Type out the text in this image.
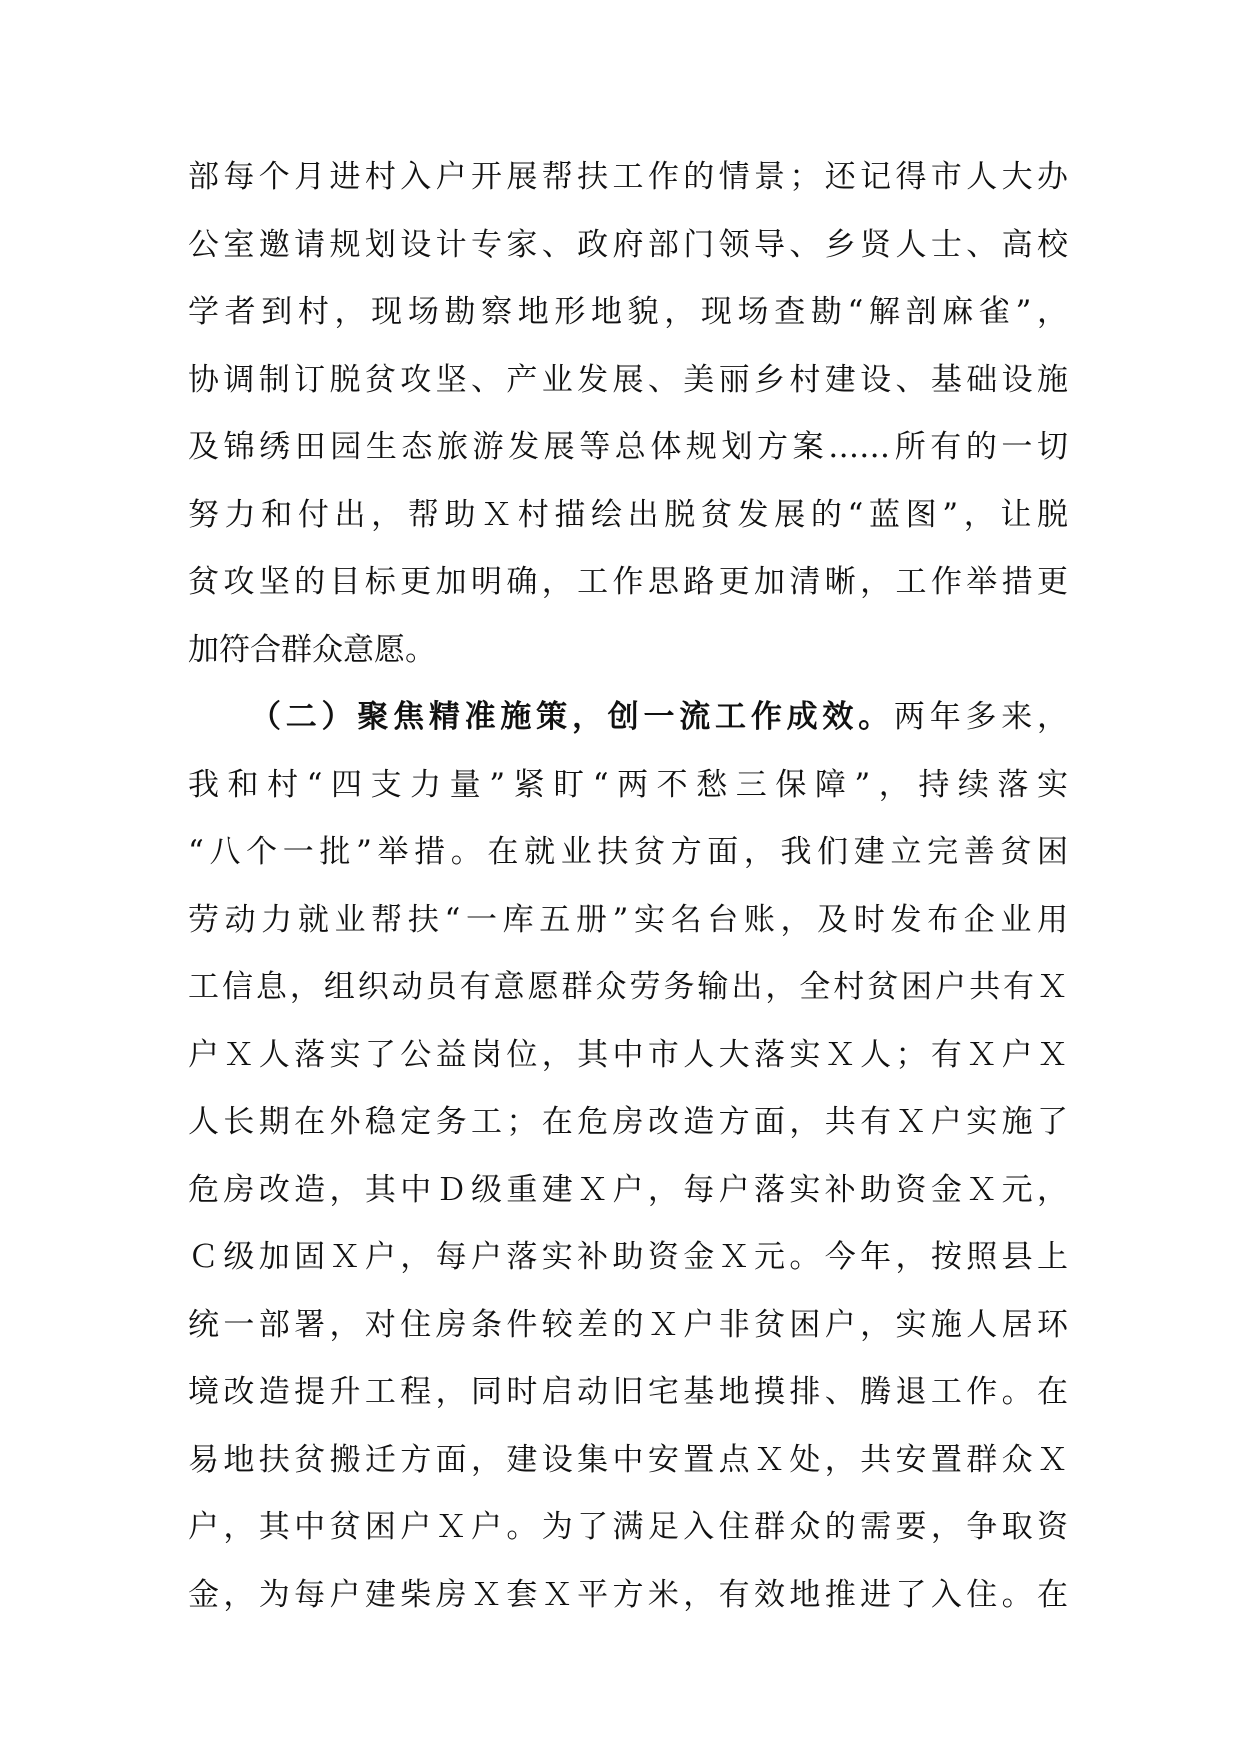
部每个月进村入户开展帮扶工作的情景；还记得市人大办
公室邀请规划设计专家、政府部门领导、乡贤人士、高校
学者到村，现场勘察地形地貌，现场查勘“解剖麻雀”，
协调制订脱贫攻坚、产业发展、美丽乡村建设、基础设施
及锦绣田园生态旅游发展等总体规划方案……所有的一切
努力和付出，帮助Ｘ村描绘出脱贫发展的“蓝图”，让脱
贫攻坚的目标更加明确，工作思路更加清晰，工作举措更
加符合群众意愿。
（二）聚焦精准施策，创一流工作成效。两年多来，
我和村“四支力量”紧盯“两不愁三保障”，持续落实
“八个一批”举措。在就业扶贫方面，我们建立完善贫困
劳动力就业帮扶“一库五册”实名台账，及时发布企业用
工信息，组织动员有意愿群众劳务输出，全村贫困户共有Ｘ
户Ｘ人落实了公益岗位，其中市人大落实Ｘ人；有Ｘ户Ｘ
人长期在外稳定务工；在危房改造方面，共有Ｘ户实施了
危房改造，其中Ｄ级重建Ｘ户，每户落实补助资金Ｘ元，
Ｃ级加固Ｘ户，每户落实补助资金Ｘ元。今年，按照县上
统一部署，对住房条件较差的Ｘ户非贫困户，实施人居环
境改造提升工程，同时启动旧宅基地摸排、腾退工作。在
易地扶贫搬迁方面，建设集中安置点Ｘ处，共安置群众Ｘ
户，其中贫困户Ｘ户。为了满足入住群众的需要，争取资
金，为每户建柴房Ｘ套Ｘ平方米，有效地推进了入住。在
